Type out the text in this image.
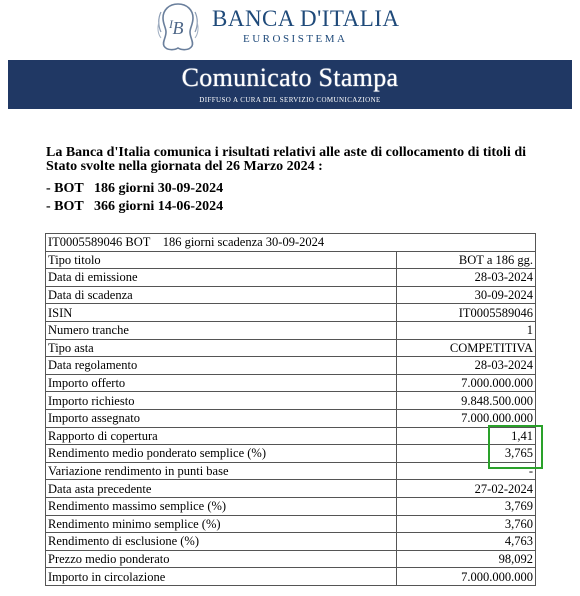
B
I BANCA D'ITALIA
EUROSISTEMA
Comunicato Stampa
DIFFUSO A CURA DEL SERVIZIO COMUNICAZIONE
La Banca d'Italia comunica i risultati relativi alle aste di collocamento di titoli di Stato svolte nella giornata del 26 Marzo 2024 :
- BOT   186 giorni 30-09-2024
- BOT   366 giorni 14-06-2024
IT0005589046 BOT    186 giorni scadenza 30-09-2024	
Tipo titolo	BOT a 186 gg.
Data di emissione	28-03-2024
Data di scadenza	30-09-2024
ISIN	IT0005589046
Numero tranche	1
Tipo asta	COMPETITIVA
Data regolamento	28-03-2024
Importo offerto	7.000.000.000
Importo richiesto	9.848.500.000
Importo assegnato	7.000.000.000
Rapporto di copertura	1,41
Rendimento medio ponderato semplice (%)	3,765
Variazione rendimento in punti base	-
Data asta precedente	27-02-2024
Rendimento massimo semplice (%)	3,769
Rendimento minimo semplice (%)	3,760
Rendimento di esclusione (%)	4,763
Prezzo medio ponderato	98,092
Importo in circolazione	7.000.000.000
